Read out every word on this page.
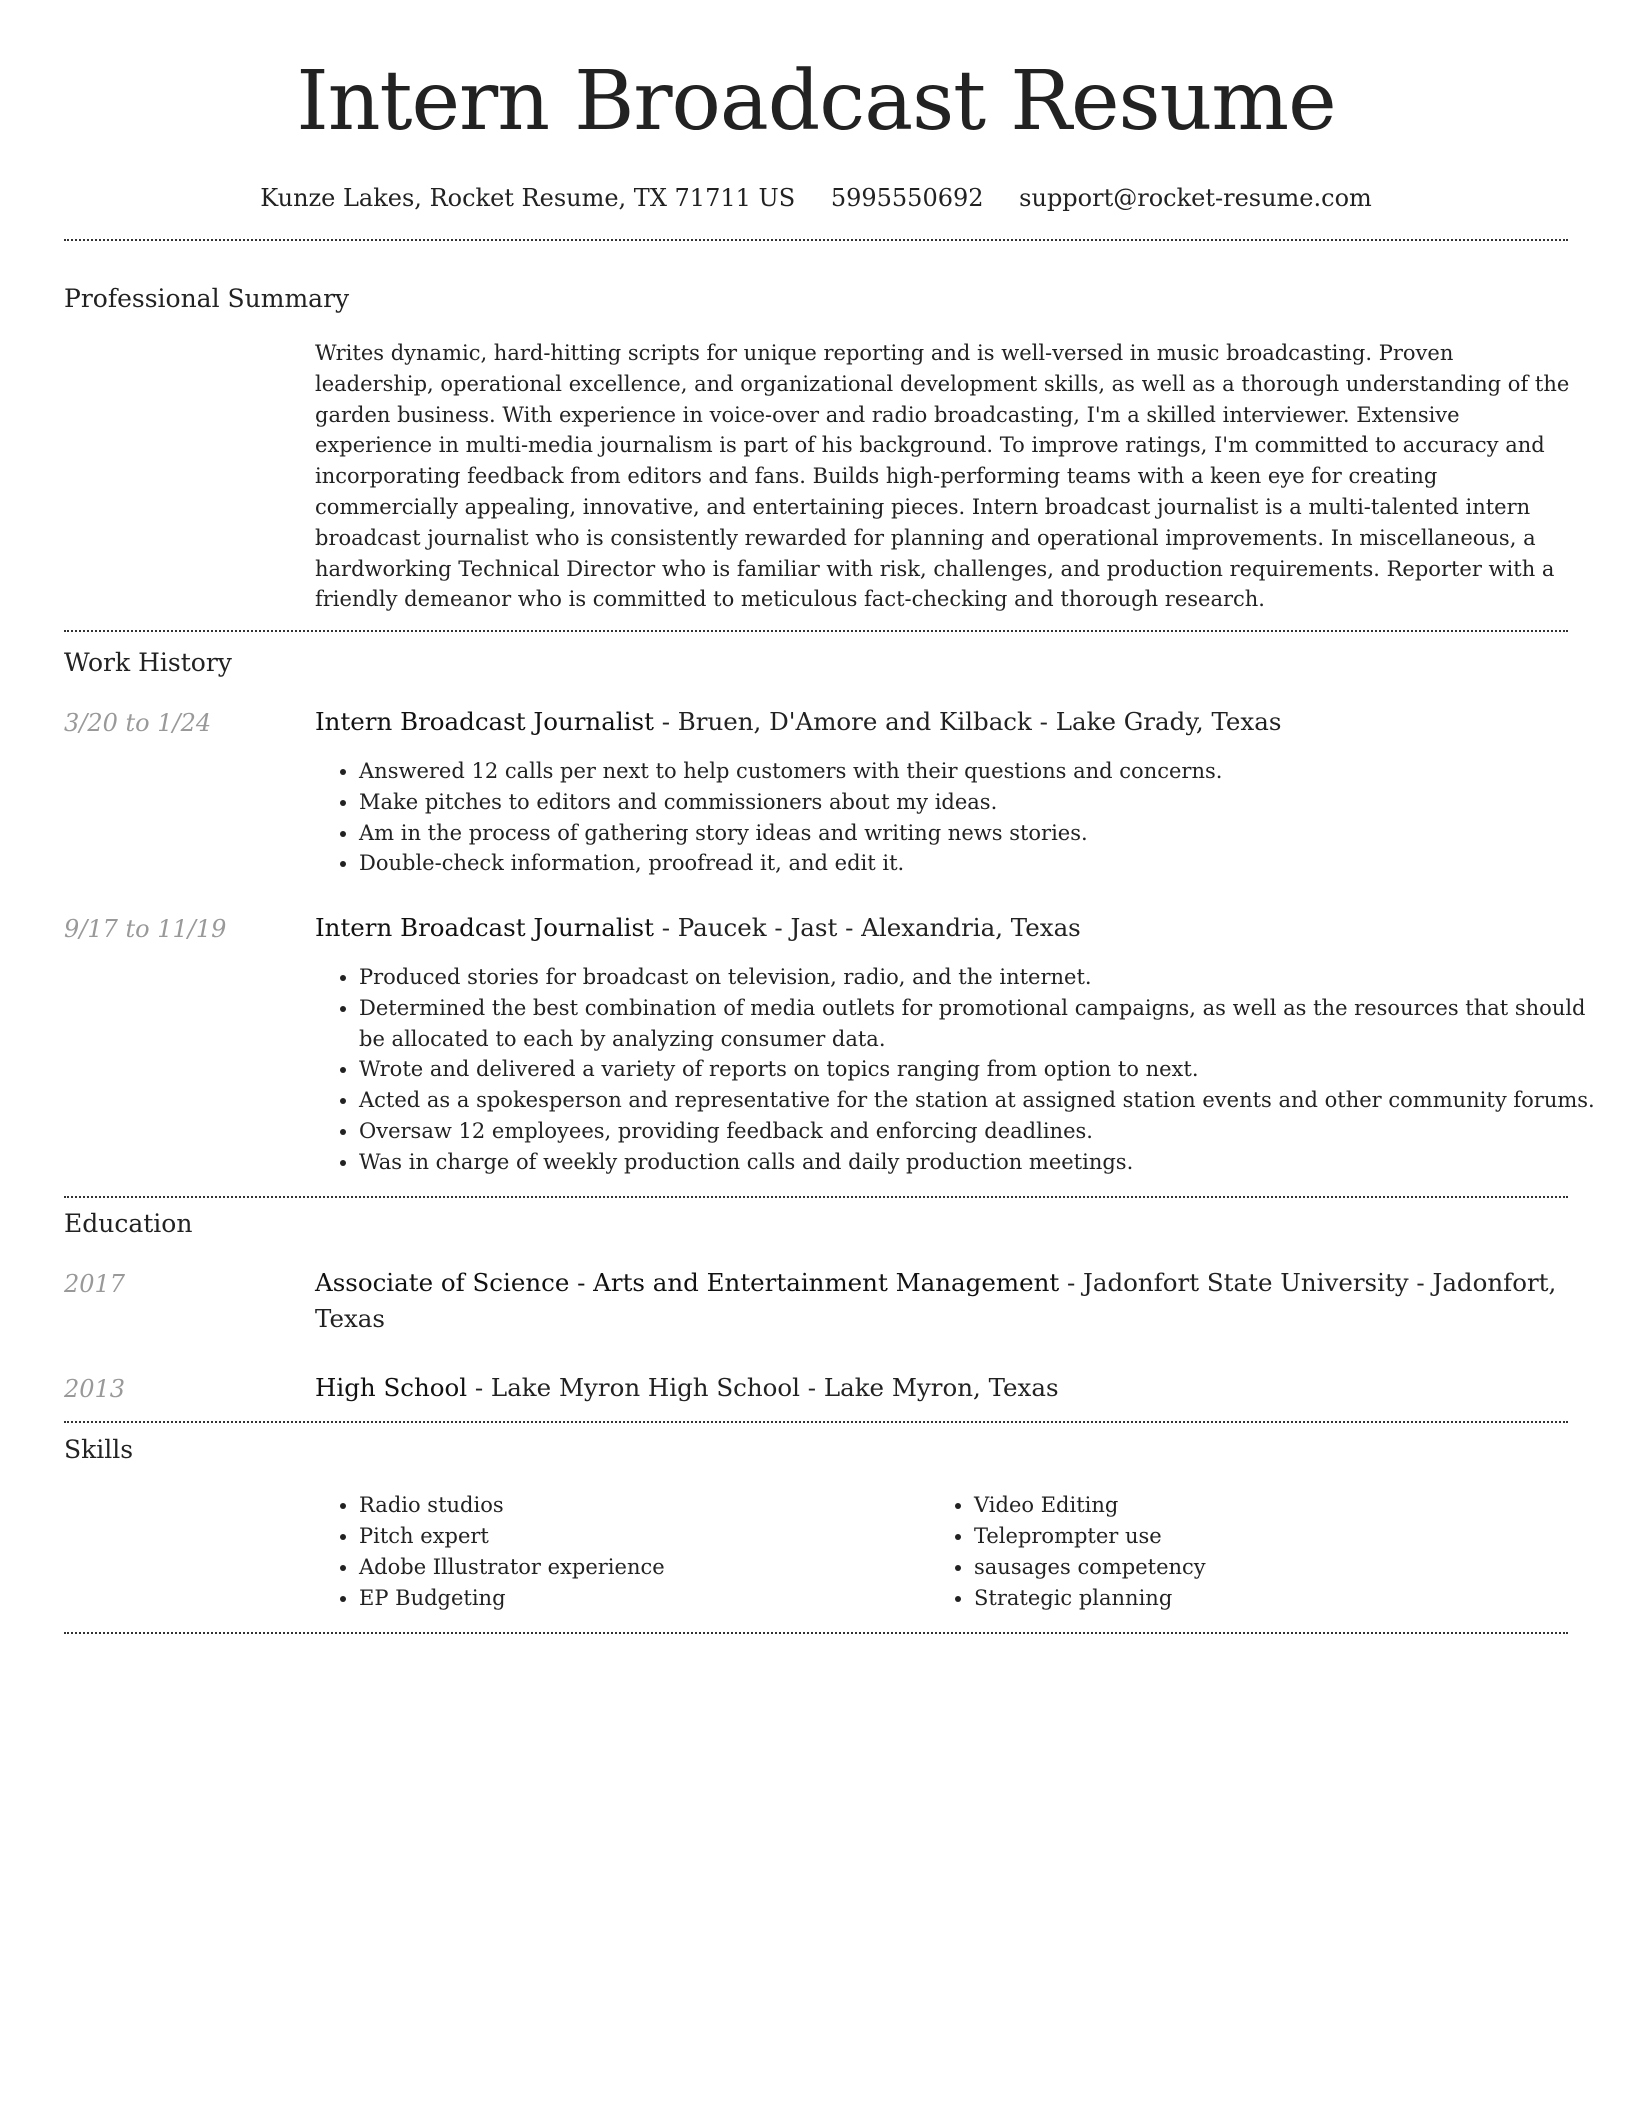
Intern Broadcast Resume
Kunze Lakes, Rocket Resume, TX 71711 US 5995550692 support@rocket-resume.com
Professional Summary
Writes dynamic, hard-hitting scripts for unique reporting and is well-versed in music broadcasting. Proven leadership, operational excellence, and organizational development skills, as well as a thorough understanding of the garden business. With experience in voice-over and radio broadcasting, I'm a skilled interviewer. Extensive experience in multi-media journalism is part of his background. To improve ratings, I'm committed to accuracy and incorporating feedback from editors and fans. Builds high-performing teams with a keen eye for creating commercially appealing, innovative, and entertaining pieces. Intern broadcast journalist is a multi-talented intern broadcast journalist who is consistently rewarded for planning and operational improvements. In miscellaneous, a hardworking Technical Director who is familiar with risk, challenges, and production requirements. Reporter with a friendly demeanor who is committed to meticulous fact-checking and thorough research.
Work History
3/20 to 1/24	Intern Broadcast Journalist - Bruen, D'Amore and Kilback - Lake Grady, Texas
• Answered 12 calls per next to help customers with their questions and concerns.
• Make pitches to editors and commissioners about my ideas.
• Am in the process of gathering story ideas and writing news stories.
• Double-check information, proofread it, and edit it.
9/17 to 11/19	Intern Broadcast Journalist - Paucek - Jast - Alexandria, Texas
• Produced stories for broadcast on television, radio, and the internet.
• Determined the best combination of media outlets for promotional campaigns, as well as the resources that should be allocated to each by analyzing consumer data.
• Wrote and delivered a variety of reports on topics ranging from option to next.
• Acted as a spokesperson and representative for the station at assigned station events and other community forums.
• Oversaw 12 employees, providing feedback and enforcing deadlines.
• Was in charge of weekly production calls and daily production meetings.
Education
2017	Associate of Science - Arts and Entertainment Management - Jadonfort State University - Jadonfort, Texas
2013	High School - Lake Myron High School - Lake Myron, Texas
Skills
• Radio studios
• Pitch expert
• Adobe Illustrator experience
• EP Budgeting
• Video Editing
• Teleprompter use
• sausages competency
• Strategic planning
